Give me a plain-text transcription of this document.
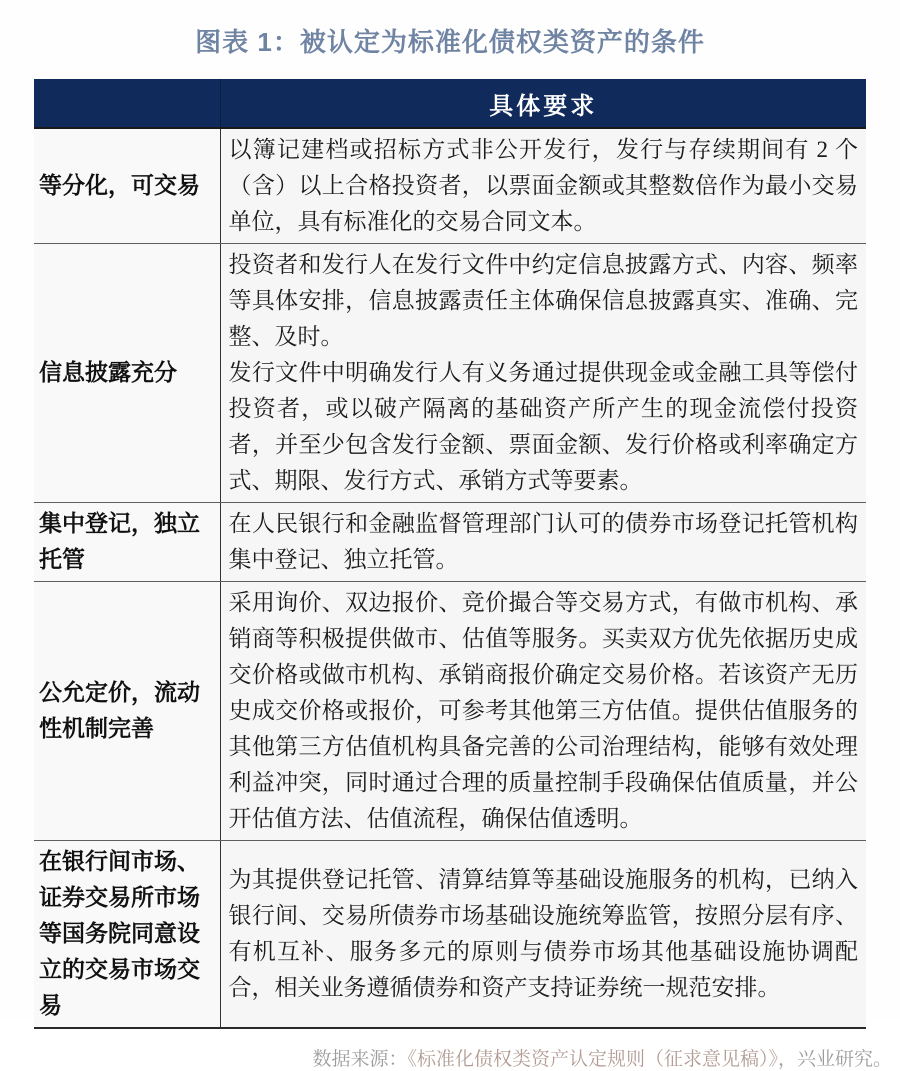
图表 1：被认定为标准化债权类资产的条件
	具体要求
等分化，可交易	以簿记建档或招标方式非公开发行，发行与存续期间有 2 个（含）以上合格投资者，以票面金额或其整数倍作为最小交易单位，具有标准化的交易合同文本。

信息披露充分	投资者和发行人在发行文件中约定信息披露方式、内容、频率等具体安排，信息披露责任主体确保信息披露真实、准确、完整、及时。

发行文件中明确发行人有义务通过提供现金或金融工具等偿付投资者，或以破产隔离的基础资产所产生的现金流偿付投资者，并至少包含发行金额、票面金额、发行价格或利率确定方式、期限、发行方式、承销方式等要素。

集中登记，独立托管	在人民银行和金融监督管理部门认可的债券市场登记托管机构集中登记、独立托管。

公允定价，流动性机制完善	采用询价、双边报价、竞价撮合等交易方式，有做市机构、承销商等积极提供做市、估值等服务。买卖双方优先依据历史成交价格或做市机构、承销商报价确定交易价格。若该资产无历史成交价格或报价，可参考其他第三方估值。提供估值服务的其他第三方估值机构具备完善的公司治理结构，能够有效处理利益冲突，同时通过合理的质量控制手段确保估值质量，并公开估值方法、估值流程，确保估值透明。

在银行间市场、证券交易所市场等国务院同意设立的交易市场交易	为其提供登记托管、清算结算等基础设施服务的机构，已纳入银行间、交易所债券市场基础设施统筹监管，按照分层有序、有机互补、服务多元的原则与债券市场其他基础设施协调配合，相关业务遵循债券和资产支持证券统一规范安排。

数据来源：《标准化债权类资产认定规则（征求意见稿）》，兴业研究。
